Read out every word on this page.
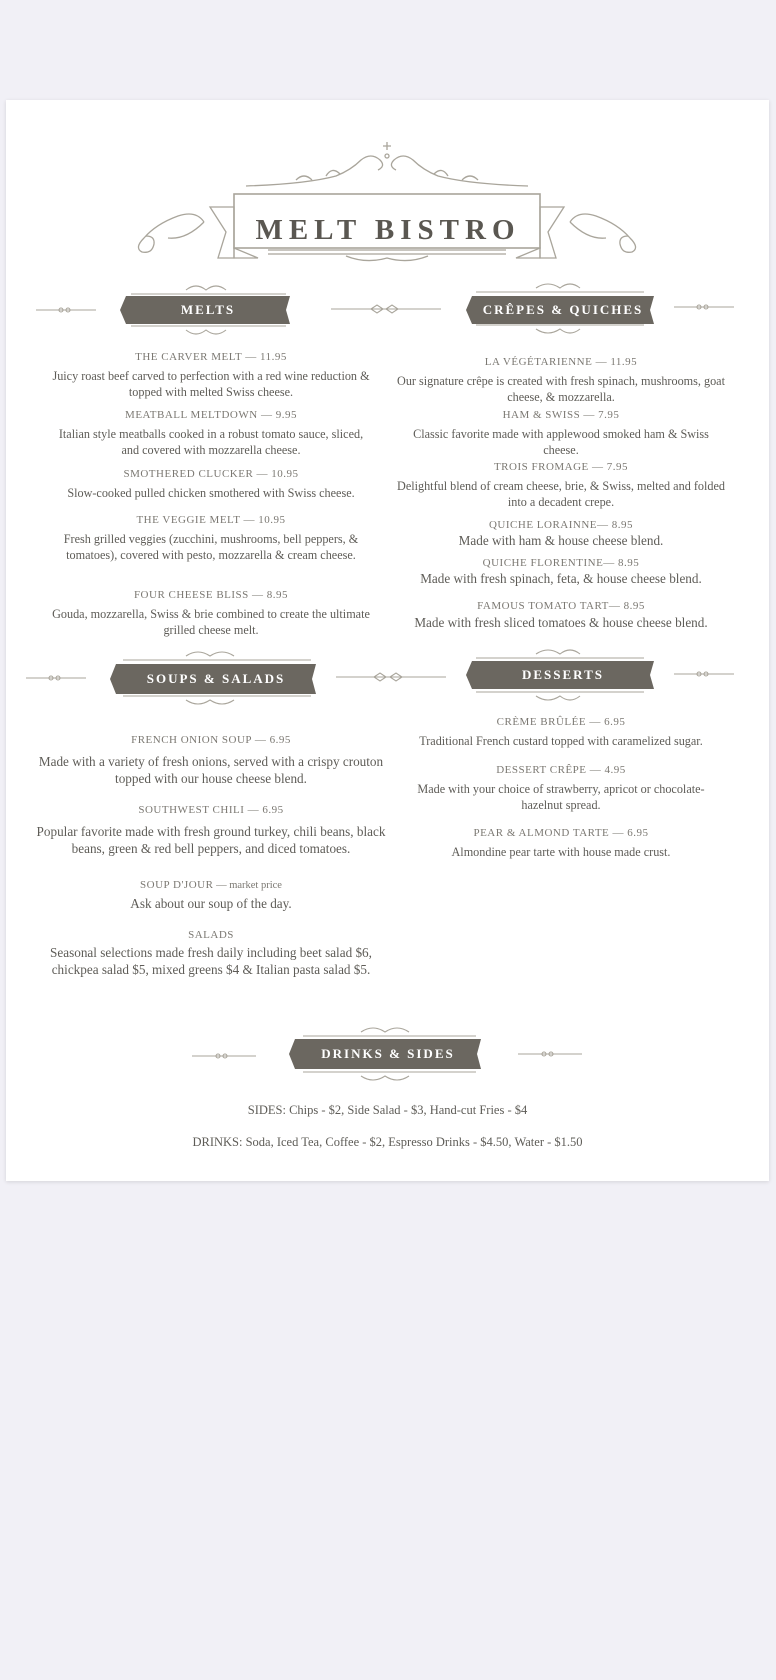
MELT BISTRO
MELTS	CRÊPES & QUICHES
SOUPS & SALADS	DESSERTS
DRINKS & SIDES
THE CARVER MELT — 11.95
Juicy roast beef carved to perfection with a red wine reduction & topped with melted Swiss cheese.
MEATBALL MELTDOWN — 9.95
Italian style meatballs cooked in a robust tomato sauce, sliced, and covered with mozzarella cheese.
SMOTHERED CLUCKER — 10.95
Slow-cooked pulled chicken smothered with Swiss cheese.
THE VEGGIE MELT — 10.95
Fresh grilled veggies (zucchini, mushrooms, bell peppers, & tomatoes), covered with pesto, mozzarella & cream cheese.
FOUR CHEESE BLISS — 8.95
Gouda, mozzarella, Swiss & brie combined to create the ultimate grilled cheese melt.
LA VÉGÉTARIENNE — 11.95
Our signature crêpe is created with fresh spinach, mushrooms, goat cheese, & mozzarella.
HAM & SWISS — 7.95
Classic favorite made with applewood smoked ham & Swiss cheese.
TROIS FROMAGE — 7.95
Delightful blend of cream cheese, brie, & Swiss, melted and folded into a decadent crepe.
QUICHE LORAINNE— 8.95
Made with ham & house cheese blend.
QUICHE FLORENTINE— 8.95
Made with fresh spinach, feta, & house cheese blend.
FAMOUS TOMATO TART— 8.95
Made with fresh sliced tomatoes & house cheese blend.
FRENCH ONION SOUP — 6.95
Made with a variety of fresh onions, served with a crispy crouton topped with our house cheese blend.
SOUTHWEST CHILI — 6.95
Popular favorite made with fresh ground turkey, chili beans, black beans, green & red bell peppers, and diced tomatoes.
SOUP D'JOUR — market price
Ask about our soup of the day.
SALADS
Seasonal selections made fresh daily including beet salad $6, chickpea salad $5, mixed greens $4 & Italian pasta salad $5.
CRÈME BRÛLÉE — 6.95
Traditional French custard topped with caramelized sugar.
DESSERT CRÊPE — 4.95
Made with your choice of strawberry, apricot or chocolate-hazelnut spread.
PEAR & ALMOND TARTE — 6.95
Almondine pear tarte with house made crust.
SIDES: Chips - $2, Side Salad - $3, Hand-cut Fries - $4
DRINKS: Soda, Iced Tea, Coffee - $2, Espresso Drinks - $4.50, Water - $1.50
